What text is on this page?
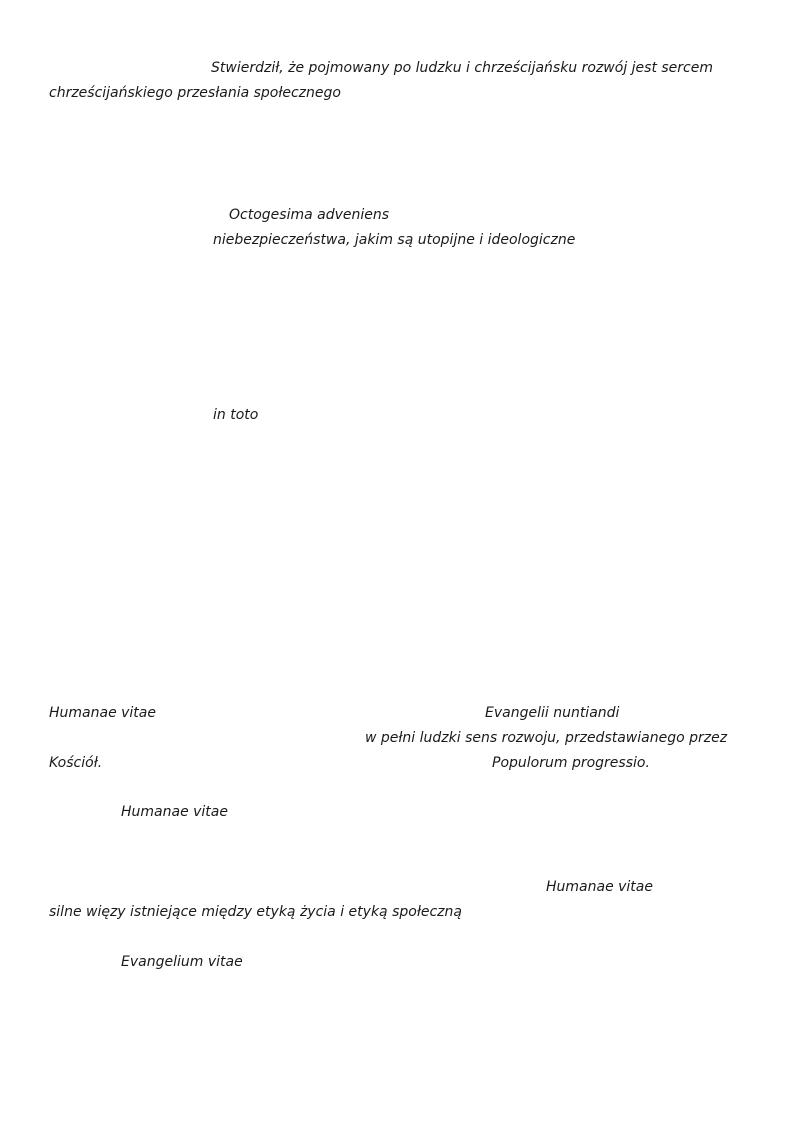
Stwierdził, że pojmowany po ludzku i chrześcijańsku rozwój jest sercem
chrześcijańskiego przesłania społecznego
Octogesima adveniens
niebezpieczeństwa, jakim są utopijne i ideologiczne
in toto
Humanae vitae	Evangelii nuntiandi
w pełni ludzki sens rozwoju, przedstawianego przez
Kościół.	Populorum progressio.
Humanae vitae
Humanae vitae
silne więzy istniejące między etyką życia i etyką społeczną
Evangelium vitae
